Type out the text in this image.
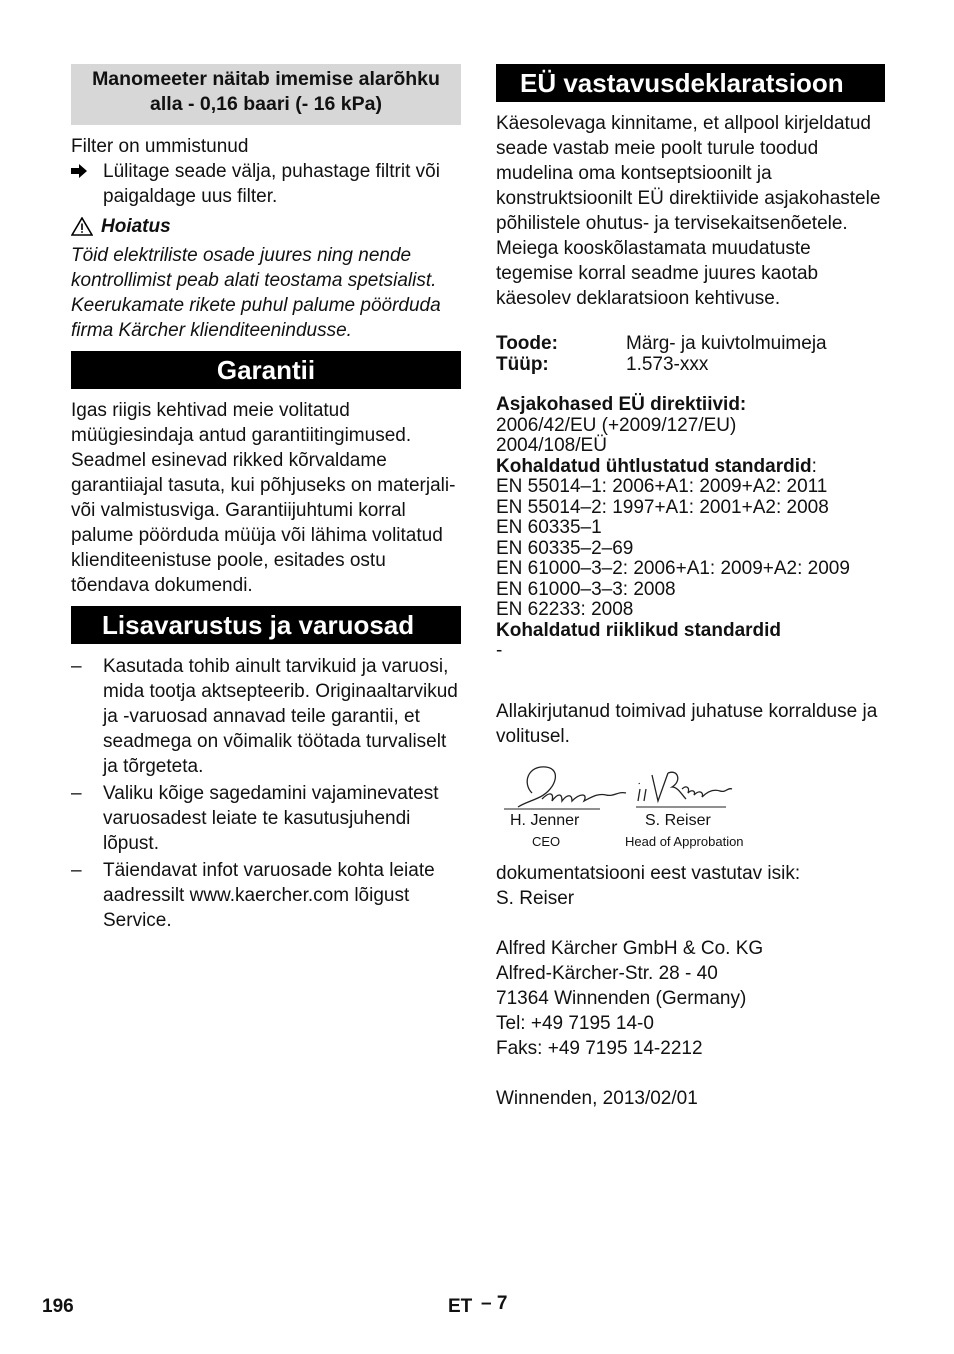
Manomeeter näitab imemise alarõhku alla - 0,16 baari (- 16 kPa)

Filter on ummistunud

Lülitage seade välja, puhastage filtrit või paigaldage uus filter.

Hoiatus

Töid elektriliste osade juures ning nende kontrollimist peab alati teostama spetsialist. Keerukamate rikete puhul palume pöörduda firma Kärcher klienditeenindusse.

Garantii

Igas riigis kehtivad meie volitatud müügiesindaja antud garantiitingimused. Seadmel esinevad rikked kõrvaldame garantiiajal tasuta, kui põhjuseks on materjali- või valmistusviga. Garantiijuhtumi korral palume pöörduda müüja või lähima volitatud klienditeenistuse poole, esitades ostu tõendava dokumendi.

Lisavarustus ja varuosad
–	Kasutada tohib ainult tarvikuid ja varuosi, mida tootja aktsepteerib. Originaaltarvikud ja -varuosad annavad teile garantii, et seadmega on võimalik töötada turvaliselt ja tõrgeteta.

–	Valiku kõige sagedamini vajaminevatest varuosadest leiate te kasutusjuhendi lõpust.

–	Täiendavat infot varuosade kohta leiate aadressilt www.kaercher.com lõigust Service.

EÜ vastavusdeklaratsioon

Käesolevaga kinnitame, et allpool kirjeldatud seade vastab meie poolt turule toodud mudelina oma kontseptsioonilt ja konstruktsioonilt EÜ direktiivide asjakohastele põhilistele ohutus- ja tervisekaitsenõetele. Meiega kooskõlastamata muudatuste tegemise korral seadme juures kaotab käesolev deklaratsioon kehtivuse.

Toode:	Märg- ja kuivtolmuimeja
Tüüp:	1.573-xxx

Asjakohased EÜ direktiivid:

2006/42/EU (+2009/127/EU)

2004/108/EÜ

Kohaldatud ühtlustatud standardid:

EN 55014–1: 2006+A1: 2009+A2: 2011

EN 55014–2: 1997+A1: 2001+A2: 2008

EN 60335–1

EN 60335–2–69

EN 61000–3–2: 2006+A1: 2009+A2: 2009

EN 61000–3–3: 2008

EN 62233: 2008

Kohaldatud riiklikud standardid

-

Allakirjutanud toimivad juhatuse korralduse ja volitusel.

H. Jenner
CEO
S. Reiser
Head of Approbation

dokumentatsiooni eest vastutav isik:

S. Reiser

Alfred Kärcher GmbH & Co. KG

Alfred-Kärcher-Str. 28 - 40

71364 Winnenden (Germany)

Tel: +49 7195 14-0

Faks: +49 7195 14-2212

Winnenden, 2013/02/01

196	ET – 7
